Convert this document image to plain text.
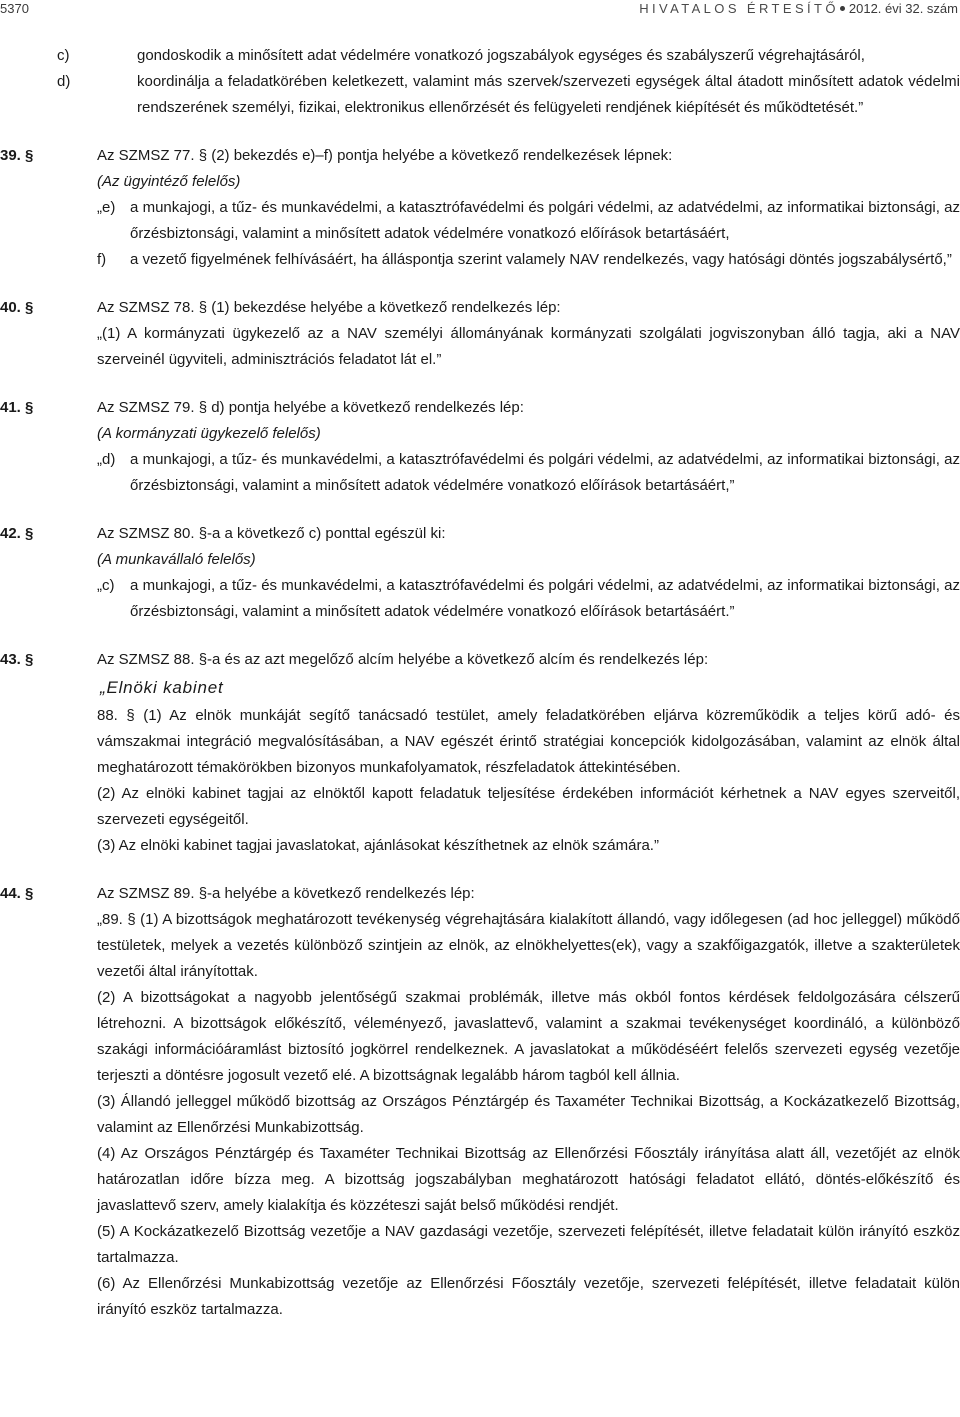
5370	HIVATALOS ÉRTESÍTŐ 2012. évi 32. szám
c)	gondoskodik a minősített adat védelmére vonatkozó jogszabályok egységes és szabályszerű végrehajtásáról,
d)	koordinálja a feladatkörében keletkezett, valamint más szervek/szervezeti egységek által átadott minősített adatok védelmi rendszerének személyi, fizikai, elektronikus ellenőrzését és felügyeleti rendjének kiépítését és működtetését.”
39. §	Az SZMSZ 77. § (2) bekezdés e)–f) pontja helyébe a következő rendelkezések lépnek:
(Az ügyintéző felelős)
„e) a munkajogi, a tűz- és munkavédelmi, a katasztrófavédelmi és polgári védelmi, az adatvédelmi, az informatikai biztonsági, az őrzésbiztonsági, valamint a minősített adatok védelmére vonatkozó előírások betartásáért,
f) a vezető figyelmének felhívásáért, ha álláspontja szerint valamely NAV rendelkezés, vagy hatósági döntés jogszabálysértő,”
40. §	Az SZMSZ 78. § (1) bekezdése helyébe a következő rendelkezés lép:
„(1) A kormányzati ügykezelő az a NAV személyi állományának kormányzati szolgálati jogviszonyban álló tagja, aki a NAV szerveinél ügyviteli, adminisztrációs feladatot lát el.”
41. §	Az SZMSZ 79. § d) pontja helyébe a következő rendelkezés lép:
(A kormányzati ügykezelő felelős)
„d) a munkajogi, a tűz- és munkavédelmi, a katasztrófavédelmi és polgári védelmi, az adatvédelmi, az informatikai biztonsági, az őrzésbiztonsági, valamint a minősített adatok védelmére vonatkozó előírások betartásáért,”
42. §	Az SZMSZ 80. §-a a következő c) ponttal egészül ki:
(A munkavállaló felelős)
„c) a munkajogi, a tűz- és munkavédelmi, a katasztrófavédelmi és polgári védelmi, az adatvédelmi, az informatikai biztonsági, az őrzésbiztonsági, valamint a minősített adatok védelmére vonatkozó előírások betartásáért.”
43. §	Az SZMSZ 88. §-a és az azt megelőző alcím helyébe a következő alcím és rendelkezés lép:
„Elnöki kabinet
88. § (1) Az elnök munkáját segítő tanácsadó testület, amely feladatkörében eljárva közreműködik a teljes körű adó- és vámszakmai integráció megvalósításában, a NAV egészét érintő stratégiai koncepciók kidolgozásában, valamint az elnök által meghatározott témakörökben bizonyos munkafolyamatok, részfeladatok áttekintésében.
(2) Az elnöki kabinet tagjai az elnöktől kapott feladatuk teljesítése érdekében információt kérhetnek a NAV egyes szerveitől, szervezeti egységeitől.
(3) Az elnöki kabinet tagjai javaslatokat, ajánlásokat készíthetnek az elnök számára.”
44. §	Az SZMSZ 89. §-a helyébe a következő rendelkezés lép:
„89. § (1) A bizottságok meghatározott tevékenység végrehajtására kialakított állandó, vagy időlegesen (ad hoc jelleggel) működő testületek, melyek a vezetés különböző szintjein az elnök, az elnökhelyettes(ek), vagy a szakfőigazgatók, illetve a szakterületek vezetői által irányítottak.
(2) A bizottságokat a nagyobb jelentőségű szakmai problémák, illetve más okból fontos kérdések feldolgozására célszerű létrehozni. A bizottságok előkészítő, véleményező, javaslattevő, valamint a szakmai tevékenységet koordináló, a különböző szakági információáramlást biztosító jogkörrel rendelkeznek. A javaslatokat a működéséért felelős szervezeti egység vezetője terjeszti a döntésre jogosult vezető elé. A bizottságnak legalább három tagból kell állnia.
(3) Állandó jelleggel működő bizottság az Országos Pénztárgép és Taxaméter Technikai Bizottság, a Kockázatkezelő Bizottság, valamint az Ellenőrzési Munkabizottság.
(4) Az Országos Pénztárgép és Taxaméter Technikai Bizottság az Ellenőrzési Főosztály irányítása alatt áll, vezetőjét az elnök határozatlan időre bízza meg. A bizottság jogszabályban meghatározott hatósági feladatot ellátó, döntés-előkészítő és javaslattevő szerv, amely kialakítja és közzéteszi saját belső működési rendjét.
(5) A Kockázatkezelő Bizottság vezetője a NAV gazdasági vezetője, szervezeti felépítését, illetve feladatait külön irányító eszköz tartalmazza.
(6) Az Ellenőrzési Munkabizottság vezetője az Ellenőrzési Főosztály vezetője, szervezeti felépítését, illetve feladatait külön irányító eszköz tartalmazza.
